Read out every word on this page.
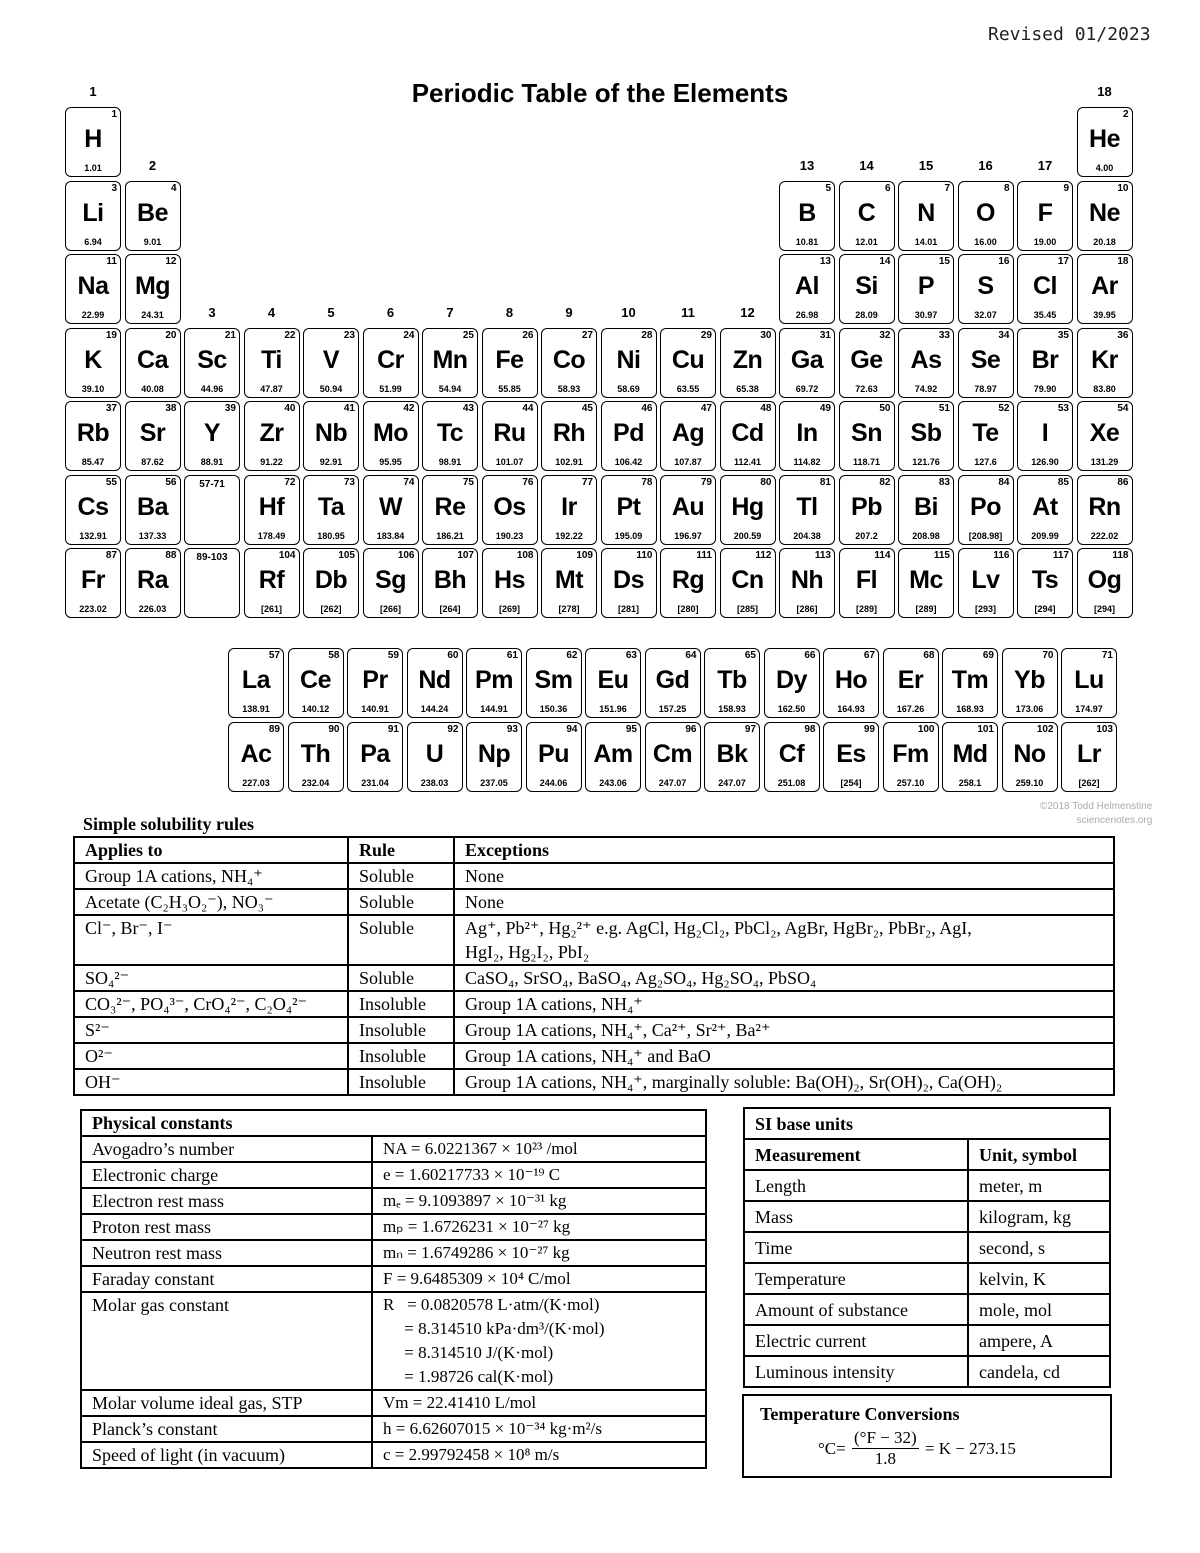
Revised 01/2023
Periodic Table of the Elements
1
2
3	4	5	6	7	8	9	10	11	12
13	14	15	16	17
18
1
H
1.01
2
He
4.00
3
Li
6.94
4
Be
9.01
5
B
10.81
6
C
12.01
7
N
14.01
8
O
16.00
9
F
19.00
10
Ne
20.18
11
Na
22.99
12
Mg
24.31
13
Al
26.98
14
Si
28.09
15
P
30.97
16
S
32.07
17
Cl
35.45
18
Ar
39.95
19
K
39.10
20
Ca
40.08
21
Sc
44.96
22
Ti
47.87
23
V
50.94
24
Cr
51.99
25
Mn
54.94
26
Fe
55.85
27
Co
58.93
28
Ni
58.69
29
Cu
63.55
30
Zn
65.38
31
Ga
69.72
32
Ge
72.63
33
As
74.92
34
Se
78.97
35
Br
79.90
36
Kr
83.80
37
Rb
85.47
38
Sr
87.62
39
Y
88.91
40
Zr
91.22
41
Nb
92.91
42
Mo
95.95
43
Tc
98.91
44
Ru
101.07
45
Rh
102.91
46
Pd
106.42
47
Ag
107.87
48
Cd
112.41
49
In
114.82
50
Sn
118.71
51
Sb
121.76
52
Te
127.6
53
I
126.90
54
Xe
131.29
55
Cs
132.91
56
Ba
137.33
57-71	72
Hf
178.49
73
Ta
180.95
74
W
183.84
75
Re
186.21
76
Os
190.23
77
Ir
192.22
78
Pt
195.09
79
Au
196.97
80
Hg
200.59
81
Tl
204.38
82
Pb
207.2
83
Bi
208.98
84
Po
[208.98]
85
At
209.99
86
Rn
222.02
87
Fr
223.02
88
Ra
226.03
89-103	104
Rf
[261]
105
Db
[262]
106
Sg
[266]
107
Bh
[264]
108
Hs
[269]
109
Mt
[278]
110
Ds
[281]
111
Rg
[280]
112
Cn
[285]
113
Nh
[286]
114
Fl
[289]
115
Mc
[289]
116
Lv
[293]
117
Ts
[294]
118
Og
[294]
57
La
138.91
58
Ce
140.12
59
Pr
140.91
60
Nd
144.24
61
Pm
144.91
62
Sm
150.36
63
Eu
151.96
64
Gd
157.25
65
Tb
158.93
66
Dy
162.50
67
Ho
164.93
68
Er
167.26
69
Tm
168.93
70
Yb
173.06
71
Lu
174.97
89
Ac
227.03
90
Th
232.04
91
Pa
231.04
92
U
238.03
93
Np
237.05
94
Pu
244.06
95
Am
243.06
96
Cm
247.07
97
Bk
247.07
98
Cf
251.08
99
Es
[254]
100
Fm
257.10
101
Md
258.1
102
No
259.10
103
Lr
[262]
©2018 Todd Helmenstine
sciencenotes.org
Simple solubility rules
Applies to	Rule	Exceptions
Group 1A cations, NH₄⁺	Soluble	None
Acetate (C₂H₃O₂⁻), NO₃⁻	Soluble	None
Cl⁻, Br⁻, I⁻	Soluble	Ag⁺, Pb²⁺, Hg₂²⁺ e.g. AgCl, Hg₂Cl₂, PbCl₂, AgBr, HgBr₂, PbBr₂, AgI,
HgI₂, Hg₂I₂, PbI₂
SO₄²⁻	Soluble	CaSO₄, SrSO₄, BaSO₄, Ag₂SO₄, Hg₂SO₄, PbSO₄
CO₃²⁻, PO₄³⁻, CrO₄²⁻, C₂O₄²⁻	Insoluble	Group 1A cations, NH₄⁺
S²⁻	Insoluble	Group 1A cations, NH₄⁺, Ca²⁺, Sr²⁺, Ba²⁺
O²⁻	Insoluble	Group 1A cations, NH₄⁺ and BaO
OH⁻	Insoluble	Group 1A cations, NH₄⁺, marginally soluble: Ba(OH)₂, Sr(OH)₂, Ca(OH)₂
Physical constants	
Avogadro’s number	NA = 6.0221367 × 10²³ /mol
Electronic charge	e = 1.60217733 × 10⁻¹⁹ C
Electron rest mass	mₑ = 9.1093897 × 10⁻³¹ kg
Proton rest mass	mₚ = 1.6726231 × 10⁻²⁷ kg
Neutron rest mass	mₙ = 1.6749286 × 10⁻²⁷ kg
Faraday constant	F = 9.6485309 × 10⁴ C/mol
Molar gas constant	R   = 0.0820578 L·atm/(K·mol)
= 8.314510 kPa·dm³/(K·mol)
= 8.314510 J/(K·mol)
= 1.98726 cal(K·mol)
Molar volume ideal gas, STP	Vm = 22.41410 L/mol
Planck’s constant	h = 6.62607015 × 10⁻³⁴ kg·m²/s
Speed of light (in vacuum)	c = 2.99792458 × 10⁸ m/s
SI base units	
Measurement	Unit, symbol
Length	meter, m
Mass	kilogram, kg
Time	second, s
Temperature	kelvin, K
Amount of substance	mole, mol
Electric current	ampere, A
Luminous intensity	candela, cd
Temperature Conversions
$^\circ C= \frac{(^\circ F - 32)}{1.8} = K - 273.15$
